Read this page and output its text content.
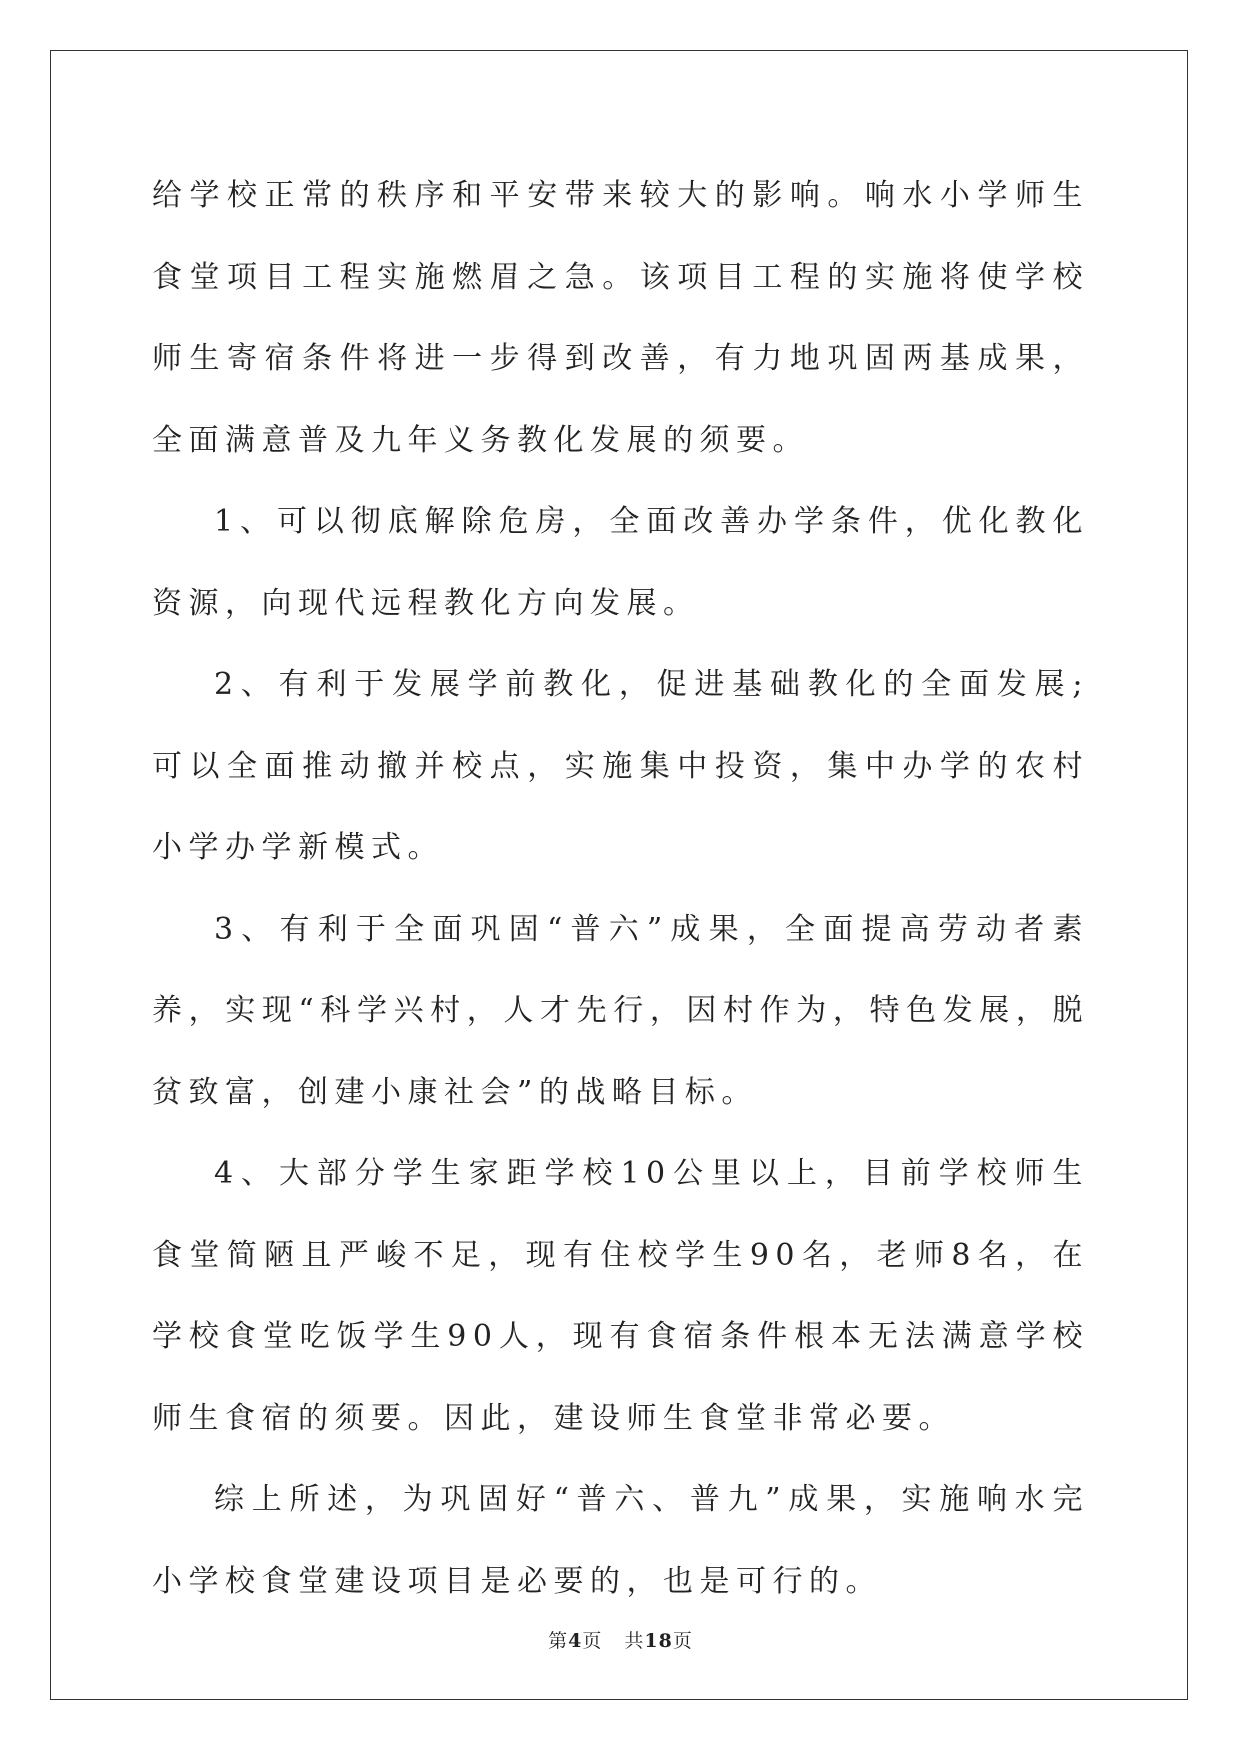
给学校正常的秩序和平安带来较大的影响。响水小学师生食堂项目工程实施燃眉之急。该项目工程的实施将使学校师生寄宿条件将进一步得到改善，有力地巩固两基成果，全面满意普及九年义务教化发展的须要。

1、可以彻底解除危房，全面改善办学条件，优化教化资源，向现代远程教化方向发展。

2、有利于发展学前教化，促进基础教化的全面发展;可以全面推动撤并校点，实施集中投资，集中办学的农村小学办学新模式。

3、有利于全面巩固“普六”成果，全面提高劳动者素养，实现“科学兴村，人才先行，因村作为，特色发展，脱贫致富，创建小康社会”的战略目标。

4、大部分学生家距学校10公里以上，目前学校师生食堂简陋且严峻不足，现有住校学生90名，老师8名，在学校食堂吃饭学生90人，现有食宿条件根本无法满意学校师生食宿的须要。因此，建设师生食堂非常必要。

综上所述，为巩固好“普六、普九”成果，实施响水完小学校食堂建设项目是必要的，也是可行的。

第4页 共18页
